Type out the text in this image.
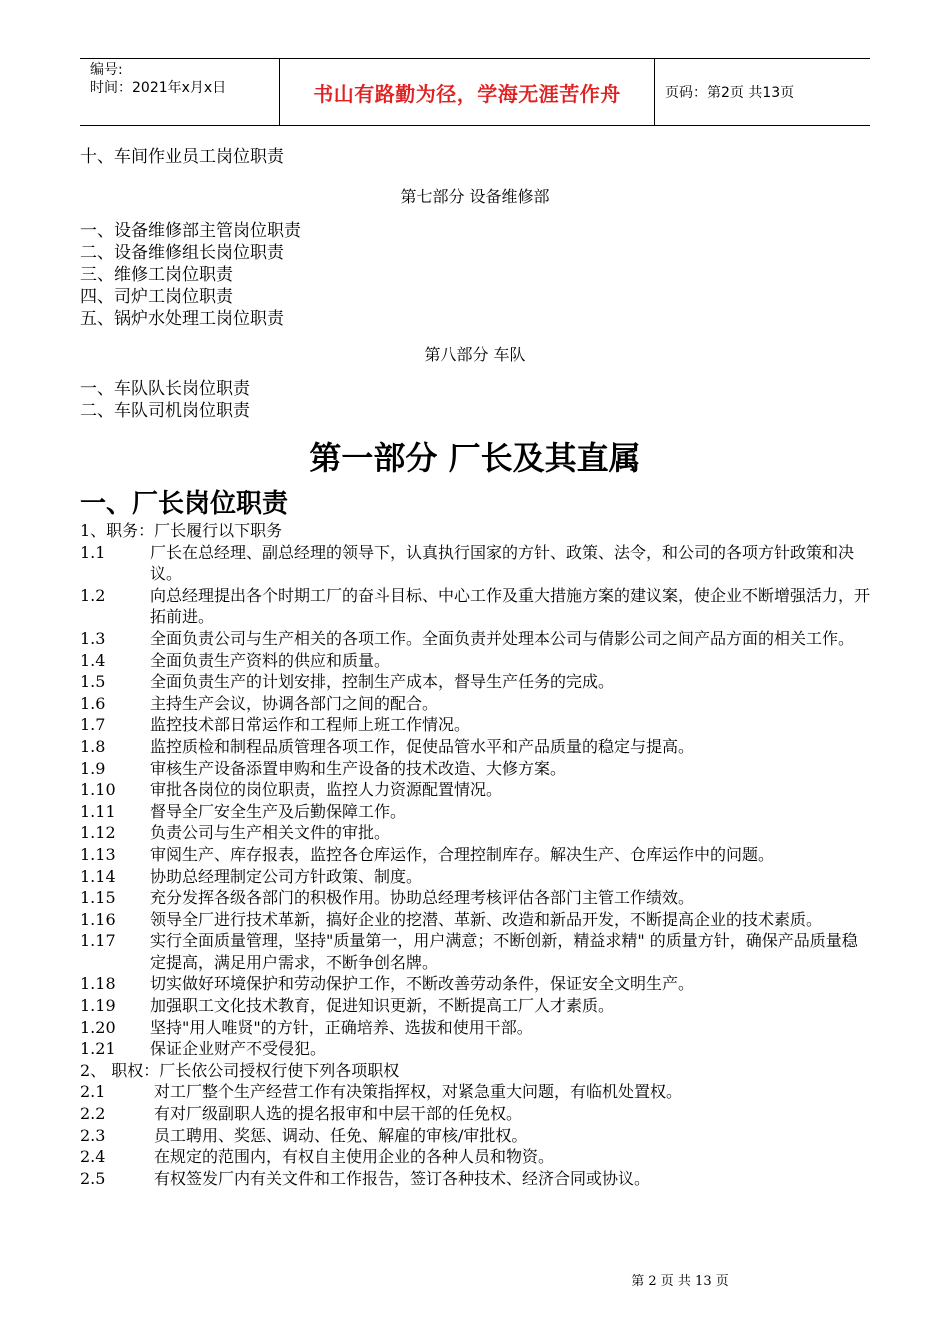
编号:
时间：2021年x月x日	书山有路勤为径，学海无涯苦作舟	页码：第2页 共13页
十、车间作业员工岗位职责
第七部分 设备维修部
一、设备维修部主管岗位职责
二、设备维修组长岗位职责
三、维修工岗位职责
四、司炉工岗位职责
五、锅炉水处理工岗位职责
第八部分 车队
一、车队队长岗位职责
二、车队司机岗位职责
第一部分 厂长及其直属
一、厂长岗位职责
1、职务：厂长履行以下职务
1.1	厂长在总经理、副总经理的领导下，认真执行国家的方针、政策、法令，和公司的各项方针政策和决议。
1.2	向总经理提出各个时期工厂的奋斗目标、中心工作及重大措施方案的建议案，使企业不断增强活力，开拓前进。
1.3	全面负责公司与生产相关的各项工作。全面负责并处理本公司与倩影公司之间产品方面的相关工作。
1.4	全面负责生产资料的供应和质量。
1.5	全面负责生产的计划安排，控制生产成本，督导生产任务的完成。
1.6	主持生产会议，协调各部门之间的配合。
1.7	监控技术部日常运作和工程师上班工作情况。
1.8	监控质检和制程品质管理各项工作，促使品管水平和产品质量的稳定与提高。
1.9	审核生产设备添置申购和生产设备的技术改造、大修方案。
1.10	审批各岗位的岗位职责，监控人力资源配置情况。
1.11	督导全厂安全生产及后勤保障工作。
1.12	负责公司与生产相关文件的审批。
1.13	审阅生产、库存报表，监控各仓库运作，合理控制库存。解决生产、仓库运作中的问题。
1.14	协助总经理制定公司方针政策、制度。
1.15	充分发挥各级各部门的积极作用。协助总经理考核评估各部门主管工作绩效。
1.16	领导全厂进行技术革新，搞好企业的挖潜、革新、改造和新品开发，不断提高企业的技术素质。
1.17	实行全面质量管理，坚持"质量第一，用户满意；不断创新，精益求精" 的质量方针，确保产品质量稳定提高，满足用户需求，不断争创名牌。
1.18	切实做好环境保护和劳动保护工作，不断改善劳动条件，保证安全文明生产。
1.19	加强职工文化技术教育，促进知识更新，不断提高工厂人才素质。
1.20	坚持"用人唯贤"的方针，正确培养、选拔和使用干部。
1.21	保证企业财产不受侵犯。
2、 职权：厂长依公司授权行使下列各项职权
2.1	对工厂整个生产经营工作有决策指挥权，对紧急重大问题，有临机处置权。
2.2	有对厂级副职人选的提名报审和中层干部的任免权。
2.3	员工聘用、奖惩、调动、任免、解雇的审核/审批权。
2.4	在规定的范围内，有权自主使用企业的各种人员和物资。
2.5	有权签发厂内有关文件和工作报告，签订各种技术、经济合同或协议。
第 2 页 共 13 页
